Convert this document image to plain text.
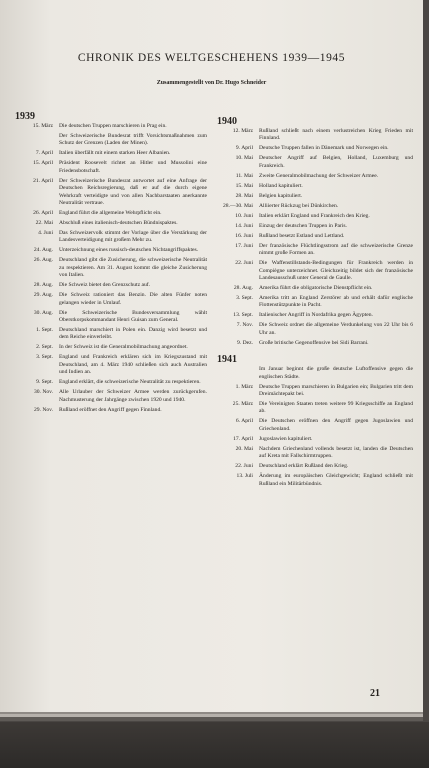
CHRONIK DES WELTGESCHEHENS 1939—1945
Zusammengestellt von Dr. Hugo Schneider
1939
15. März	Die deutschen Truppen marschieren in Prag ein.
Der Schweizerische Bundesrat trifft Vorsichtsmaßnahmen zum Schutz der Grenzen (Laden der Minen).
7. April	Italien überfällt mit einem starken Heer Albanien.
15. April	Präsident Roosevelt richtet an Hitler und Mussolini eine Friedensbotschaft.
21. April	Der Schweizerische Bundesrat antwortet auf eine Anfrage der Deutschen Reichsregierung, daß er auf die durch eigene Wehrkraft verteidigte und von allen Nachbarstaaten anerkannte Neutralität vertraue.
26. April	England führt die allgemeine Wehrpflicht ein.
22. Mai	Abschluß eines italienisch-deutschen Bündnispaktes.
4. Juni	Das Schweizervolk stimmt der Vorlage über die Verstärkung der Landesverteidigung mit großem Mehr zu.
24. Aug.	Unterzeichnung eines russisch-deutschen Nichtangriffspaktes.
26. Aug.	Deutschland gibt die Zusicherung, die schweizerische Neutralität zu respektieren. Am 31. August kommt die gleiche Zusicherung von Italien.
28. Aug.	Die Schweiz bietet den Grenzschutz auf.
29. Aug.	Die Schweiz rationiert das Benzin. Die alten Fünfer noten gelangen wieder in Umlauf.
30. Aug.	Die Schweizerische Bundesversammlung wählt Oberstkorpskommandant Henri Guisan zum General.
1. Sept.	Deutschland marschiert in Polen ein. Danzig wird besetzt und dem Reiche einverleibt.
2. Sept.	In der Schweiz ist die Generalmobilmachung angeordnet.
3. Sept.	England und Frankreich erklären sich im Kriegszustand mit Deutschland, am 4. März 1940 schließen sich auch Australien und Indien an.
9. Sept.	England erklärt, die schweizerische Neutralität zu respektieren.
30. Nov.	Alle Urlauber der Schweizer Armee werden zurückgerufen. Nachmusterung der Jahrgänge zwischen 1920 und 1940.
29. Nov.	Rußland eröffnet den Angriff gegen Finnland.
1940
12. März	Rußland schließt nach einem verlustreichen Krieg Frieden mit Finnland.
9. April	Deutsche Truppen fallen in Dänemark und Norwegen ein.
10. Mai	Deutscher Angriff auf Belgien, Holland, Luxemburg und Frankreich.
11. Mai	Zweite Generalmobilmachung der Schweizer Armee.
15. Mai	Holland kapituliert.
28. Mai	Belgien kapituliert.
28.—30. Mai	Alliierter Rückzug bei Dünkirchen.
10. Juni	Italien erklärt England und Frankreich den Krieg.
14. Juni	Einzug der deutschen Truppen in Paris.
16. Juni	Rußland besetzt Estland und Lettland.
17. Juni	Der französische Flüchtlingsstrom auf die schweizerische Grenze nimmt große Formen an.
22. Juni	Die Waffenstillstands-Bedingungen für Frankreich werden in Compiègne unterzeichnet. Gleichzeitig bildet sich der französische Landesausschuß unter General de Gaulle.
28. Aug.	Amerika führt die obligatorische Dienstpflicht ein.
3. Sept.	Amerika tritt an England Zerstörer ab und erhält dafür englische Flottenstützpunkte in Pacht.
13. Sept.	Italienischer Angriff in Nordafrika gegen Ägypten.
7. Nov.	Die Schweiz ordnet die allgemeine Verdunkelung von 22 Uhr bis 6 Uhr an.
9. Dez.	Große britische Gegenoffensive bei Sidi Barrani.
1941
Im Januar beginnt die große deutsche Luftoffensive gegen die englischen Städte.
1. März	Deutsche Truppen marschieren in Bulgarien ein; Bulgarien tritt dem Dreimächtepakt bei.
25. März	Die Vereinigten Staaten treten weitere 99 Kriegsschiffe an England ab.
6. April	Die Deutschen eröffnen den Angriff gegen Jugoslawien und Griechenland.
17. April	Jugoslawien kapituliert.
20. Mai	Nachdem Griechenland vollends besetzt ist, landen die Deutschen auf Kreta mit Fallschirmtruppen.
22. Juni	Deutschland erklärt Rußland den Krieg.
13. Juli	Änderung im europäischen Gleichgewicht; England schließt mit Rußland ein Militärbündnis.
21
